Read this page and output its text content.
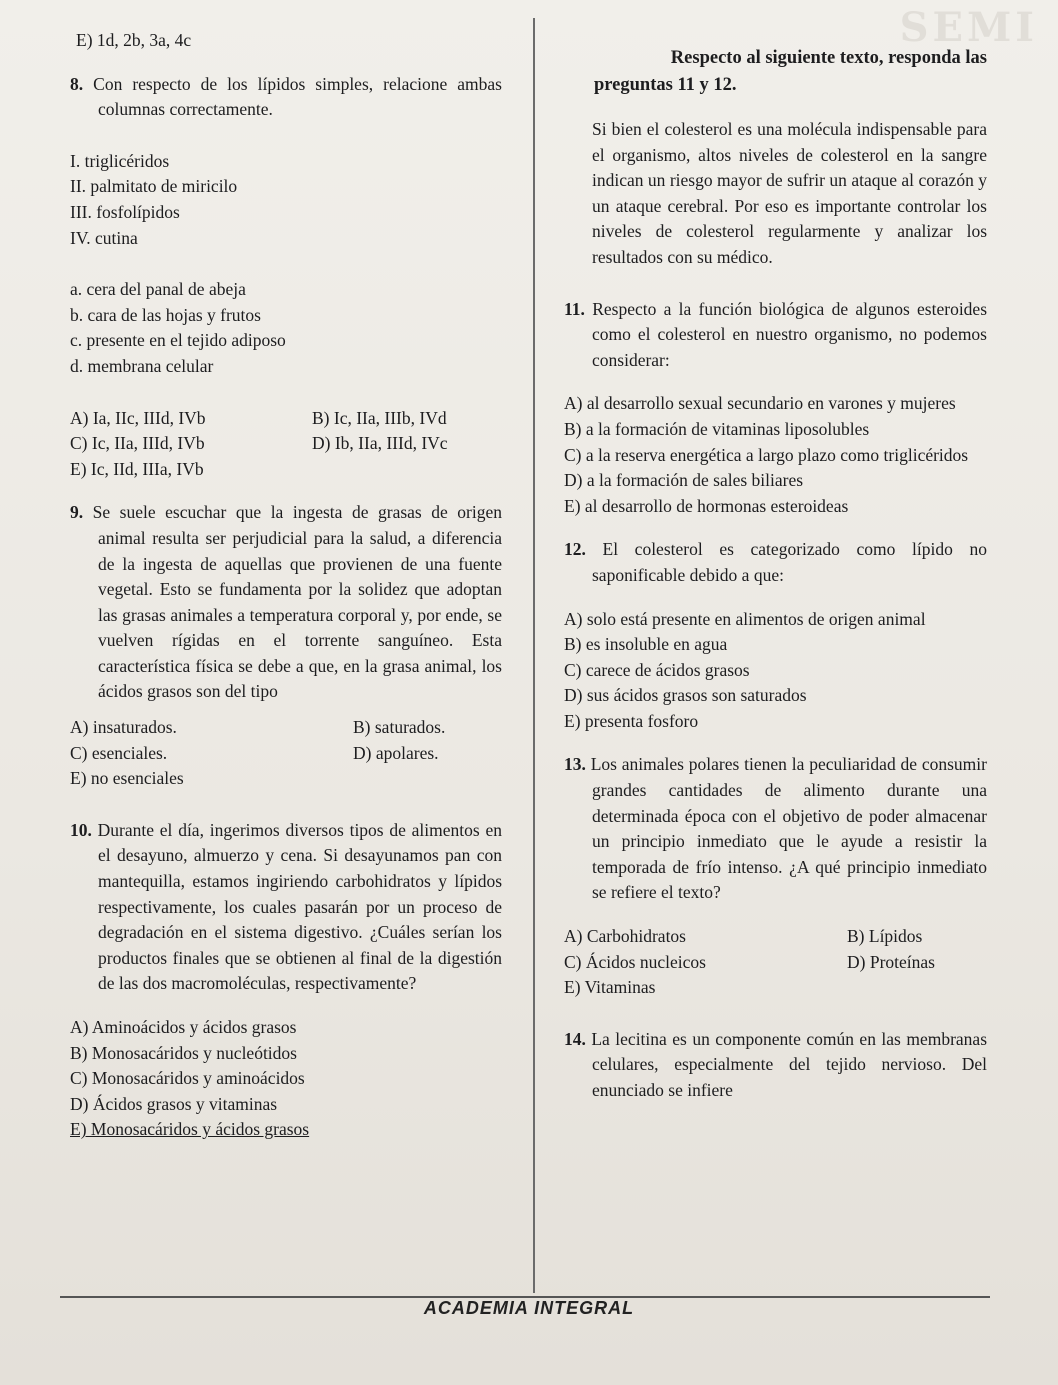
SEMI
E) 1d, 2b, 3a, 4c
8. Con respecto de los lípidos simples, relacione ambas columnas correctamente.
I. triglicéridos
II. palmitato de miricilo
III. fosfolípidos
IV. cutina
a. cera del panal de abeja
b. cara de las hojas y frutos
c. presente en el tejido adiposo
d. membrana celular
A) Ia, IIc, IIId, IVb	B) Ic, IIa, IIIb, IVd
C) Ic, IIa, IIId, IVb	D) Ib, IIa, IIId, IVc
E) Ic, IId, IIIa, IVb
9. Se suele escuchar que la ingesta de grasas de origen animal resulta ser perjudicial para la salud, a diferencia de la ingesta de aquellas que provienen de una fuente vegetal. Esto se fundamenta por la solidez que adoptan las grasas animales a temperatura corporal y, por ende, se vuelven rígidas en el torrente sanguíneo. Esta característica física se debe a que, en la grasa animal, los ácidos grasos son del tipo
A) insaturados.	B) saturados.
C) esenciales.	D) apolares.
E) no esenciales
10. Durante el día, ingerimos diversos tipos de alimentos en el desayuno, almuerzo y cena. Si desayunamos pan con mantequilla, estamos ingiriendo carbohidratos y lípidos respectivamente, los cuales pasarán por un proceso de degradación en el sistema digestivo. ¿Cuáles serían los productos finales que se obtienen al final de la digestión de las dos macromoléculas, respectivamente?
A) Aminoácidos y ácidos grasos
B) Monosacáridos y nucleótidos
C) Monosacáridos y aminoácidos
D) Ácidos grasos y vitaminas
E) Monosacáridos y ácidos grasos
Respecto al siguiente texto, responda las
preguntas 11 y 12.
Si bien el colesterol es una molécula indispensable para el organismo, altos niveles de colesterol en la sangre indican un riesgo mayor de sufrir un ataque al corazón y un ataque cerebral. Por eso es importante controlar los niveles de colesterol regularmente y analizar los resultados con su médico.
11. Respecto a la función biológica de algunos esteroides como el colesterol en nuestro organismo, no podemos considerar:
A) al desarrollo sexual secundario en varones y mujeres
B) a la formación de vitaminas liposolubles
C) a la reserva energética a largo plazo como triglicéridos
D) a la formación de sales biliares
E) al desarrollo de hormonas esteroideas
12. El colesterol es categorizado como lípido no saponificable debido a que:
A) solo está presente en alimentos de origen animal
B) es insoluble en agua
C) carece de ácidos grasos
D) sus ácidos grasos son saturados
E) presenta fosforo
13. Los animales polares tienen la peculiaridad de consumir grandes cantidades de alimento durante una determinada época con el objetivo de poder almacenar un principio inmediato que le ayude a resistir la temporada de frío intenso. ¿A qué principio inmediato se refiere el texto?
A) Carbohidratos	B) Lípidos
C) Ácidos nucleicos	D) Proteínas
E) Vitaminas
14. La lecitina es un componente común en las membranas celulares, especialmente del tejido nervioso. Del enunciado se infiere
ACADEMIA INTEGRAL
